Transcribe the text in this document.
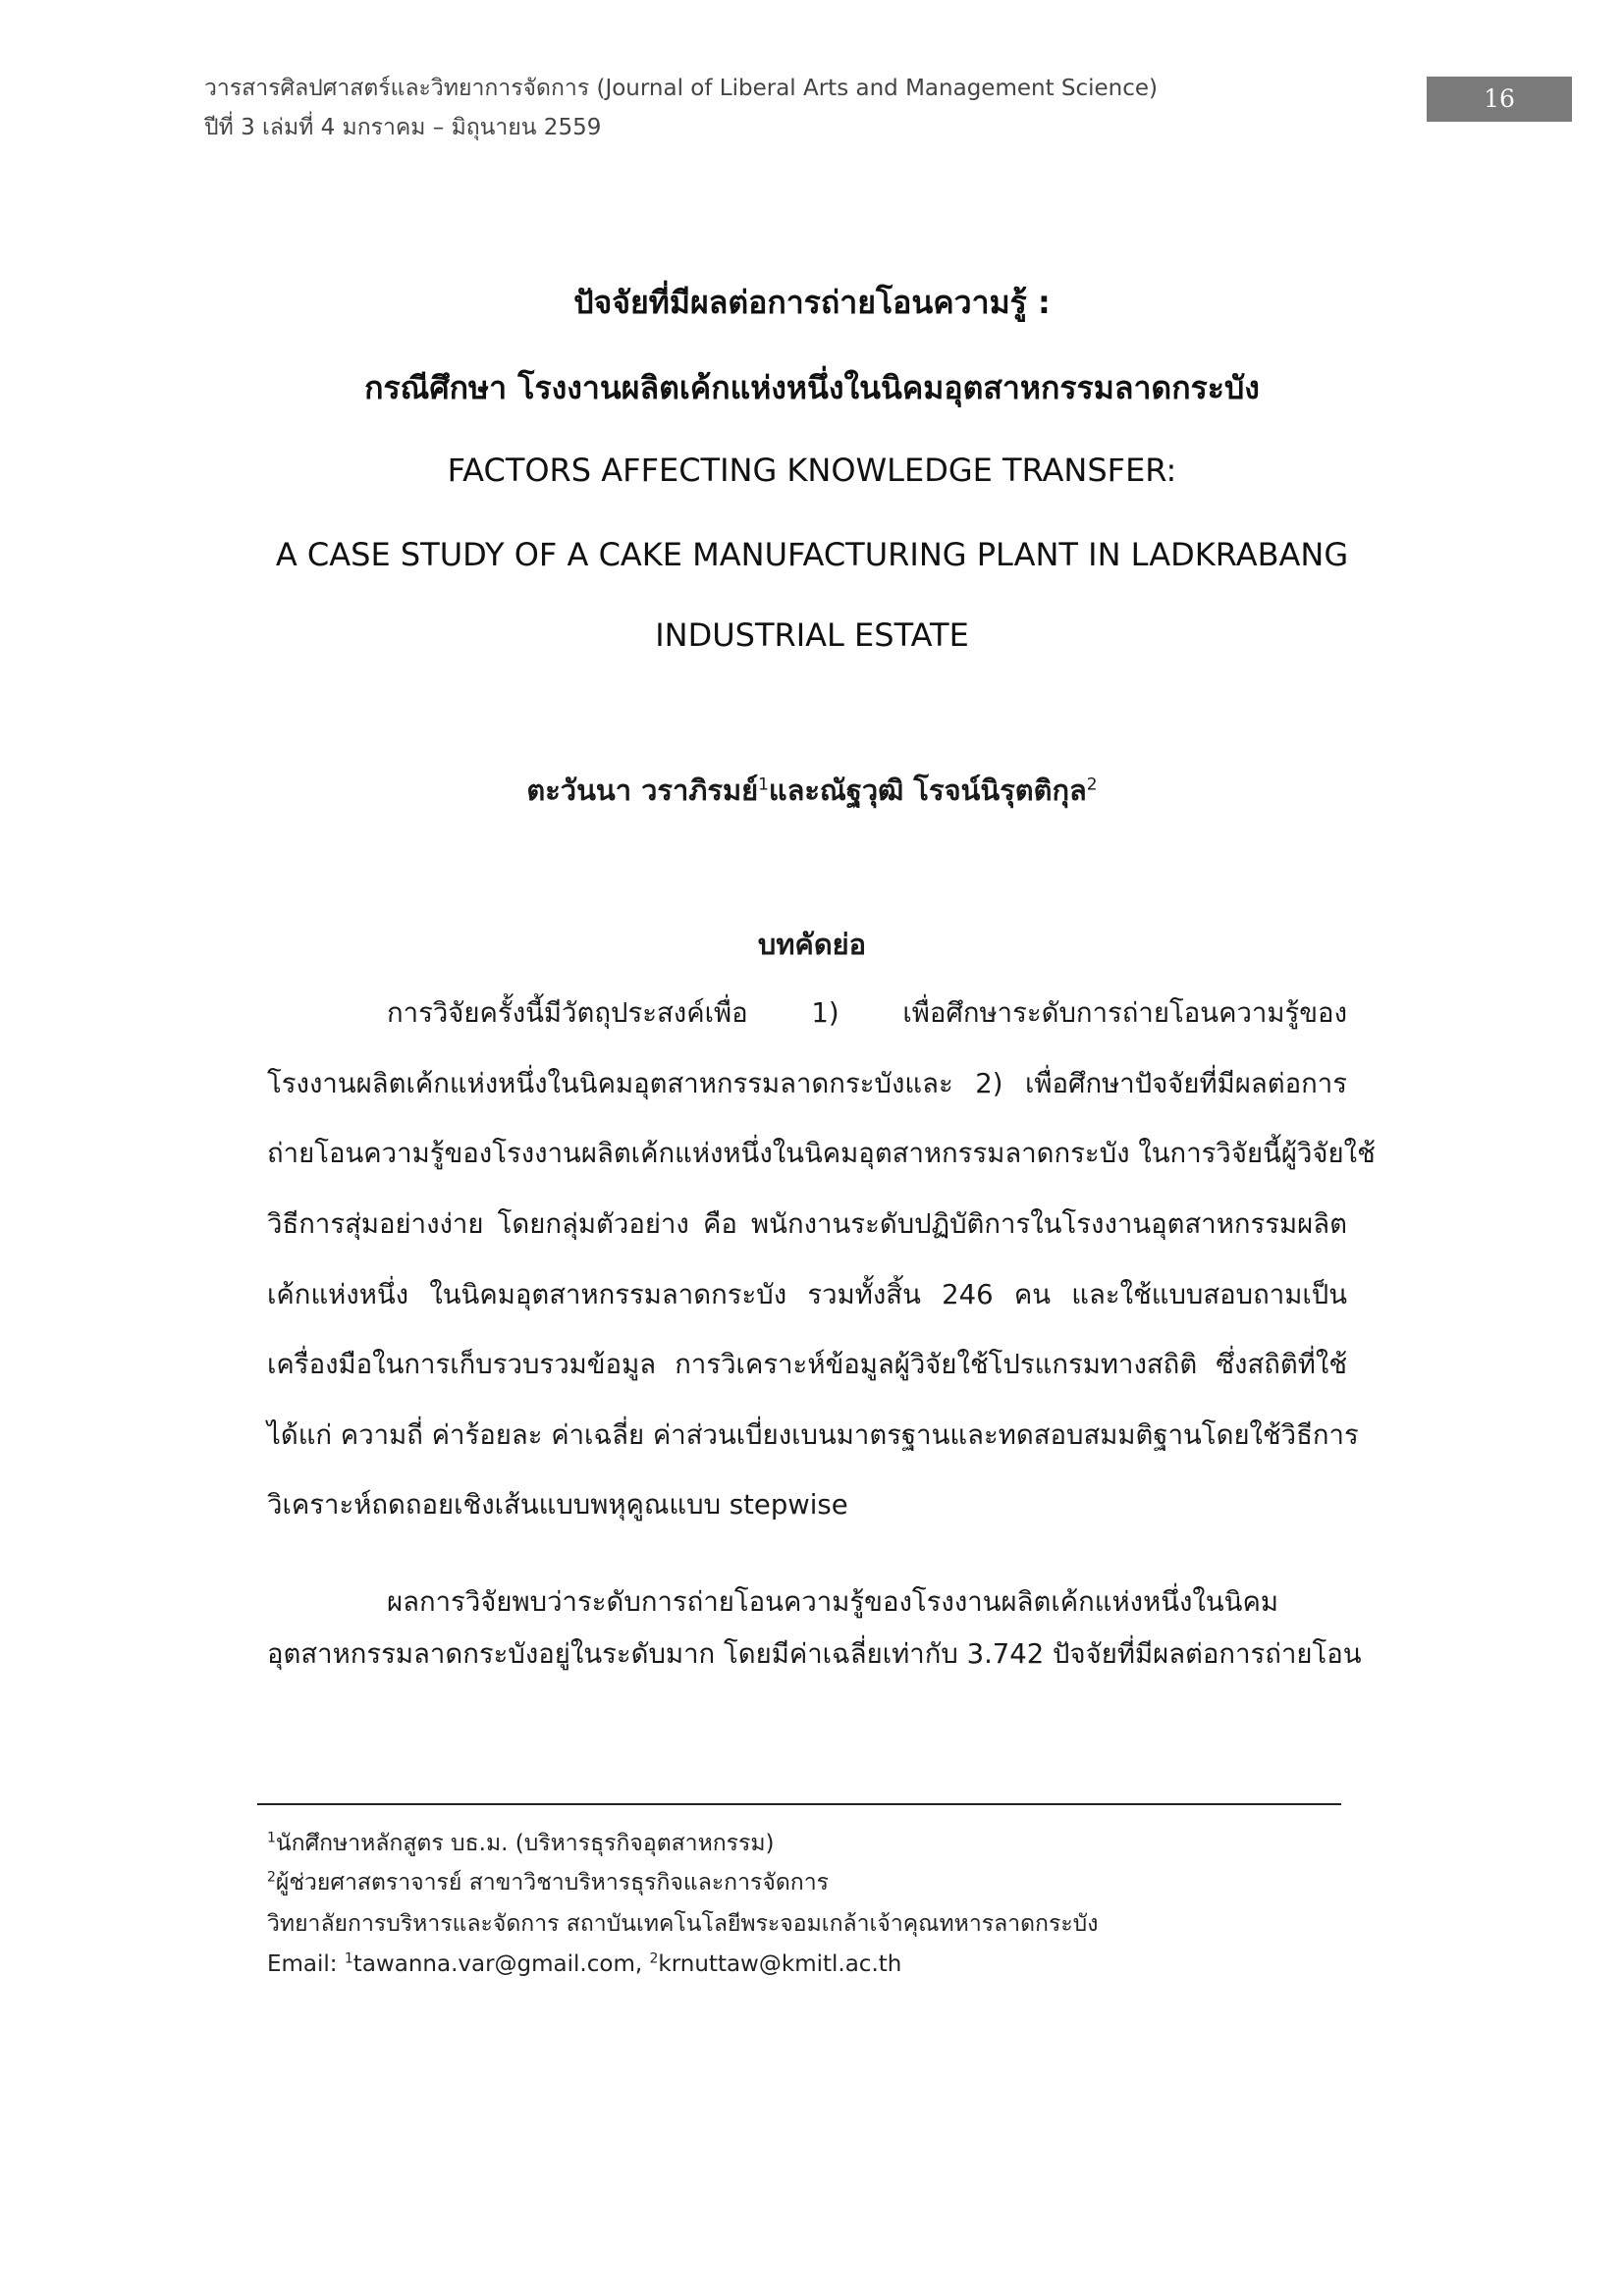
วารสารศิลปศาสตร์และวิทยาการจัดการ (Journal of Liberal Arts and Management Science)
ปีที่ 3 เล่มที่ 4 มกราคม – มิถุนายน 2559
16
ปัจจัยที่มีผลต่อการถ่ายโอนความรู้ :
กรณีศึกษา โรงงานผลิตเค้กแห่งหนึ่งในนิคมอุตสาหกรรมลาดกระบัง
FACTORS AFFECTING KNOWLEDGE TRANSFER:
A CASE STUDY OF A CAKE MANUFACTURING PLANT IN LADKRABANG
INDUSTRIAL ESTATE
ตะวันนา วราภิรมย์$^1$และณัฐวุฒิ โรจน์นิรุตติกุล$^2$
บทคัดย่อ
การวิจัยครั้งนี้มีวัตถุประสงค์เพื่อ 1) เพื่อศึกษาระดับการถ่ายโอนความรู้ของ
โรงงานผลิตเค้กแห่งหนึ่งในนิคมอุตสาหกรรมลาดกระบังและ 2) เพื่อศึกษาปัจจัยที่มีผลต่อการ
ถ่ายโอนความรู้ของโรงงานผลิตเค้กแห่งหนึ่งในนิคมอุตสาหกรรมลาดกระบัง ในการวิจัยนี้ผู้วิจัยใช้
วิธีการสุ่มอย่างง่าย โดยกลุ่มตัวอย่าง คือ พนักงานระดับปฏิบัติการในโรงงานอุตสาหกรรมผลิต
เค้กแห่งหนึ่ง ในนิคมอุตสาหกรรมลาดกระบัง รวมทั้งสิ้น 246 คน และใช้แบบสอบถามเป็น
เครื่องมือในการเก็บรวบรวมข้อมูล การวิเคราะห์ข้อมูลผู้วิจัยใช้โปรแกรมทางสถิติ ซึ่งสถิติที่ใช้
ได้แก่ ความถี่ ค่าร้อยละ ค่าเฉลี่ย ค่าส่วนเบี่ยงเบนมาตรฐานและทดสอบสมมติฐานโดยใช้วิธีการ
วิเคราะห์ถดถอยเชิงเส้นแบบพหุคูณแบบ stepwise
ผลการวิจัยพบว่าระดับการถ่ายโอนความรู้ของโรงงานผลิตเค้กแห่งหนึ่งในนิคม
อุตสาหกรรมลาดกระบังอยู่ในระดับมาก โดยมีค่าเฉลี่ยเท่ากับ 3.742 ปัจจัยที่มีผลต่อการถ่ายโอน
$^1$นักศึกษาหลักสูตร บธ.ม. (บริหารธุรกิจอุตสาหกรรม)
$^2$ผู้ช่วยศาสตราจารย์ สาขาวิชาบริหารธุรกิจและการจัดการ
วิทยาลัยการบริหารและจัดการ สถาบันเทคโนโลยีพระจอมเกล้าเจ้าคุณทหารลาดกระบัง
Email: $^1$tawanna.var@gmail.com, $^2$krnuttaw@kmitl.ac.th
